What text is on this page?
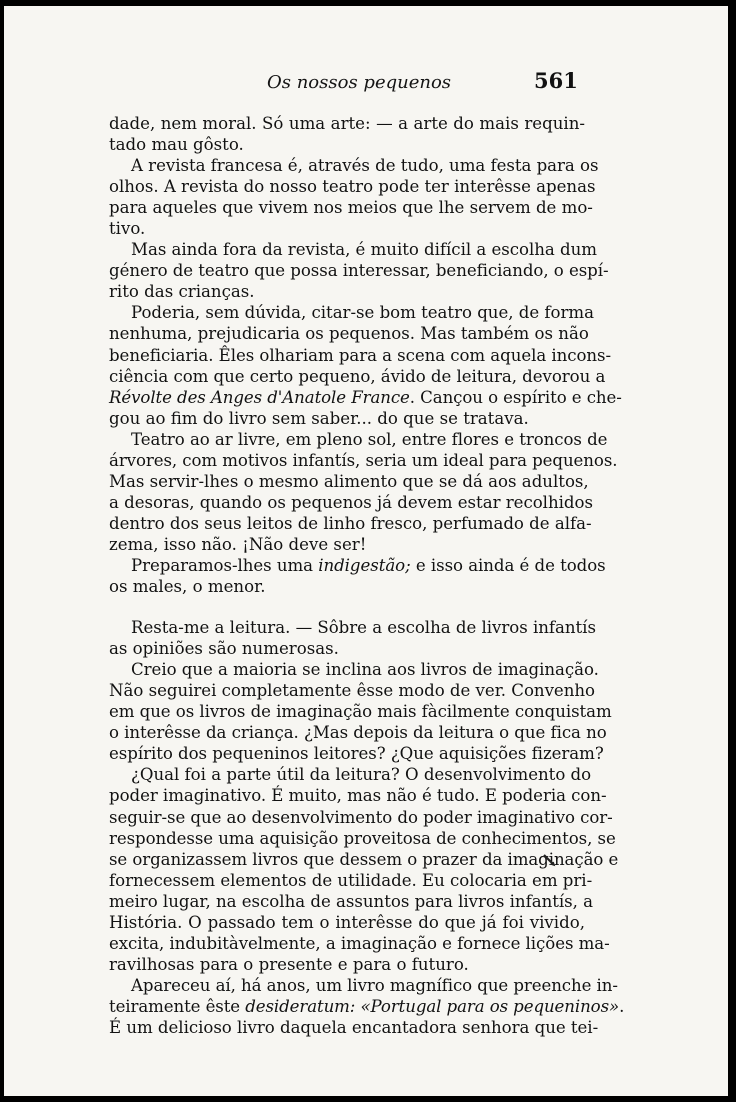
Os nossos pequenos	561
dade, nem moral. Só uma arte: — a arte do mais requin-
tado mau gôsto.
A revista francesa é, através de tudo, uma festa para os
olhos. A revista do nosso teatro pode ter interêsse apenas
para aqueles que vivem nos meios que lhe servem de mo-
tivo.
Mas ainda fora da revista, é muito difícil a escolha dum
género de teatro que possa interessar, beneficiando, o espí-
rito das crianças.
Poderia, sem dúvida, citar-se bom teatro que, de forma
nenhuma, prejudicaria os pequenos. Mas também os não
beneficiaria. Êles olhariam para a scena com aquela incons-
ciência com que certo pequeno, ávido de leitura, devorou a
Révolte des Anges d'Anatole France. Cançou o espírito e che-
gou ao fim do livro sem saber... do que se tratava.
Teatro ao ar livre, em pleno sol, entre flores e troncos de
árvores, com motivos infantís, seria um ideal para pequenos.
Mas servir-lhes o mesmo alimento que se dá aos adultos,
a desoras, quando os pequenos já devem estar recolhidos
dentro dos seus leitos de linho fresco, perfumado de alfa-
zema, isso não. ¡Não deve ser!
Preparamos-lhes uma indigestão; e isso ainda é de todos
os males, o menor.
Resta-me a leitura. — Sôbre a escolha de livros infantís
as opiniões são numerosas.
Creio que a maioria se inclina aos livros de imaginação.
Não seguirei completamente êsse modo de ver. Convenho
em que os livros de imaginação mais fàcilmente conquistam
o interêsse da criança. ¿Mas depois da leitura o que fica no
espírito dos pequeninos leitores? ¿Que aquisições fizeram?
¿Qual foi a parte útil da leitura? O desenvolvimento do
poder imaginativo. É muito, mas não é tudo. E poderia con-
seguir-se que ao desenvolvimento do poder imaginativo cor-
respondesse uma aquisição proveitosa de conhecimentos, se
se organizassem livros que dessem o prazer da imaginação e
fornecessem elementos de utilidade. Eu colocaria em pri-
meiro lugar, na escolha de assuntos para livros infantís, a
História. O passado tem o interêsse do que já foi vivido,
excita, indubitàvelmente, a imaginação e fornece lições ma-
ravilhosas para o presente e para o futuro.
Apareceu aí, há anos, um livro magnífico que preenche in-
teiramente êste desideratum: «Portugal para os pequeninos».
É um delicioso livro daquela encantadora senhora que tei-
